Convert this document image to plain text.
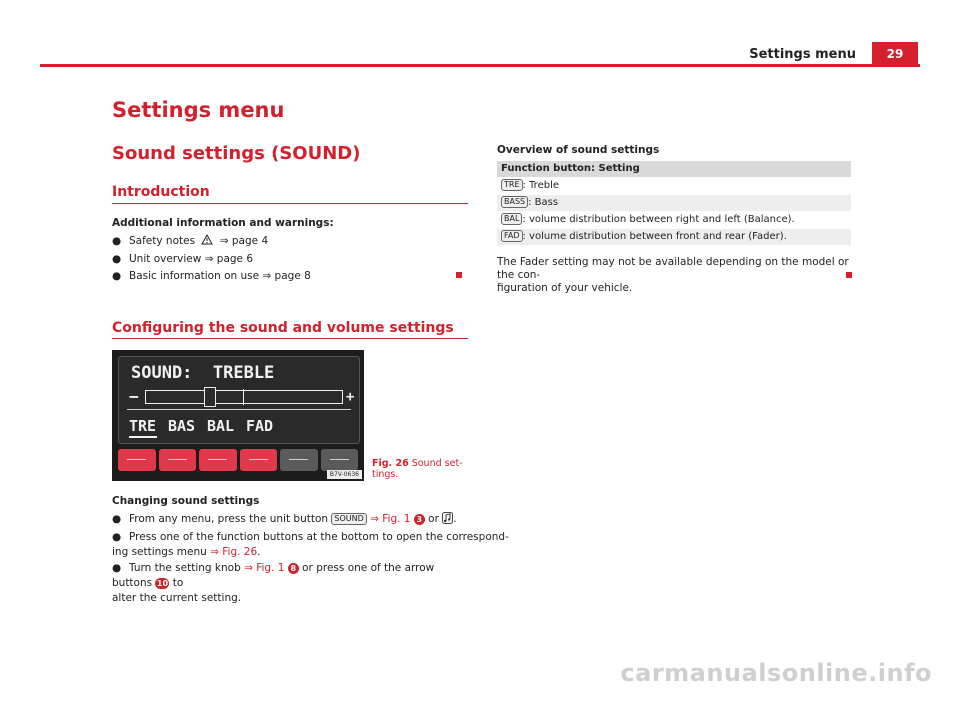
Settings menu	29
Settings menu
Sound settings (SOUND)
Introduction
Additional information and warnings:
● Safety notes ⇒ page 4
● Unit overview ⇒ page 6
● Basic information on use ⇒ page 8
Configuring the sound and volume settings
SOUND:  TREBLE
−	+
TRE BAS BAL FAD
B7V-0636
Fig. 26 Sound set-
tings.
Changing sound settings
● From any menu, press the unit button SOUND ⇒ Fig. 1 3 or .
● Press one of the function buttons at the bottom to open the correspond-
ing settings menu ⇒ Fig. 26.
● Turn the setting knob ⇒ Fig. 1 8 or press one of the arrow buttons 10 to
alter the current setting.
Overview of sound settings
Function button: Setting
TRE : Treble
BASS : Bass
BAL : volume distribution between right and left (Balance).
FAD : volume distribution between front and rear (Fader).
The Fader setting may not be available depending on the model or the con-
figuration of your vehicle.
carmanualsonline.info
